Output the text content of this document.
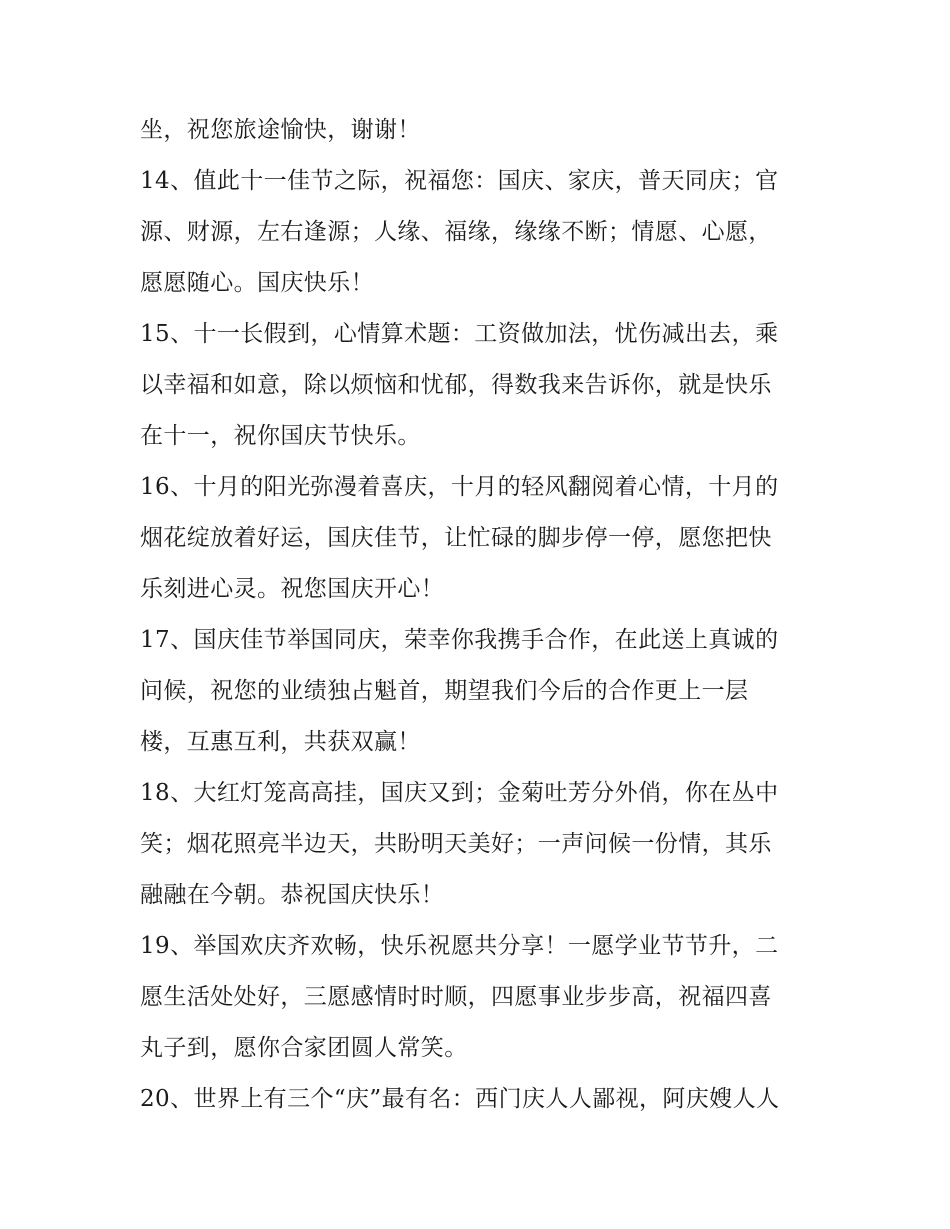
坐，祝您旅途愉快，谢谢！
14、值此十一佳节之际，祝福您：国庆、家庆，普天同庆；官
源、财源，左右逢源；人缘、福缘，缘缘不断；情愿、心愿，
愿愿随心。国庆快乐！
15、十一长假到，心情算术题：工资做加法，忧伤减出去，乘
以幸福和如意，除以烦恼和忧郁，得数我来告诉你，就是快乐
在十一，祝你国庆节快乐。
16、十月的阳光弥漫着喜庆，十月的轻风翻阅着心情，十月的
烟花绽放着好运，国庆佳节，让忙碌的脚步停一停，愿您把快
乐刻进心灵。祝您国庆开心！
17、国庆佳节举国同庆，荣幸你我携手合作，在此送上真诚的
问候，祝您的业绩独占魁首，期望我们今后的合作更上一层
楼，互惠互利，共获双赢！
18、大红灯笼高高挂，国庆又到；金菊吐芳分外俏，你在丛中
笑；烟花照亮半边天，共盼明天美好；一声问候一份情，其乐
融融在今朝。恭祝国庆快乐！
19、举国欢庆齐欢畅，快乐祝愿共分享！一愿学业节节升，二
愿生活处处好，三愿感情时时顺，四愿事业步步高，祝福四喜
丸子到，愿你合家团圆人常笑。
20、世界上有三个“庆”最有名：西门庆人人鄙视，阿庆嫂人人
